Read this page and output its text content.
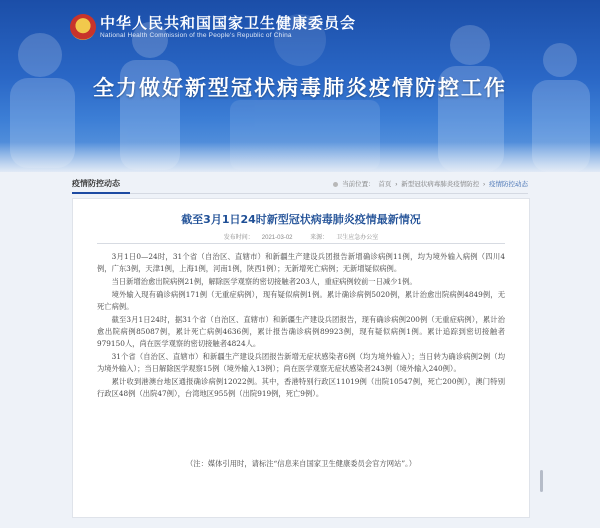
中华人民共和国国家卫生健康委员会
National Health Commission of the People's Republic of China
全力做好新型冠状病毒肺炎疫情防控工作
疫情防控动态	当前位置： 首页 › 新型冠状病毒肺炎疫情防控 › 疫情防控动态
截至3月1日24时新型冠状病毒肺炎疫情最新情况
发布时间： 2021-03-02	来源： 卫生应急办公室

3月1日0—24时，31个省（自治区、直辖市）和新疆生产建设兵团报告新增确诊病例11例，均为境外输入病例（四川4例，广东3例，天津1例，上海1例，河南1例，陕西1例）；无新增死亡病例；无新增疑似病例。

当日新增治愈出院病例21例，解除医学观察的密切接触者203人，重症病例较前一日减少1例。

境外输入现有确诊病例171例（无重症病例），现有疑似病例1例。累计确诊病例5020例，累计治愈出院病例4849例，无死亡病例。

截至3月1日24时，据31个省（自治区、直辖市）和新疆生产建设兵团报告，现有确诊病例200例（无重症病例），累计治愈出院病例85087例，累计死亡病例4636例，累计报告确诊病例89923例，现有疑似病例1例。累计追踪到密切接触者979150人，尚在医学观察的密切接触者4824人。

31个省（自治区、直辖市）和新疆生产建设兵团报告新增无症状感染者6例（均为境外输入）；当日转为确诊病例2例（均为境外输入）；当日解除医学观察15例（境外输入13例）；尚在医学观察无症状感染者243例（境外输入240例）。

累计收到港澳台地区通报确诊病例12022例。其中，香港特别行政区11019例（出院10547例，死亡200例），澳门特别行政区48例（出院47例），台湾地区955例（出院919例，死亡9例）。

（注：媒体引用时，请标注“信息来自国家卫生健康委员会官方网站”。）
